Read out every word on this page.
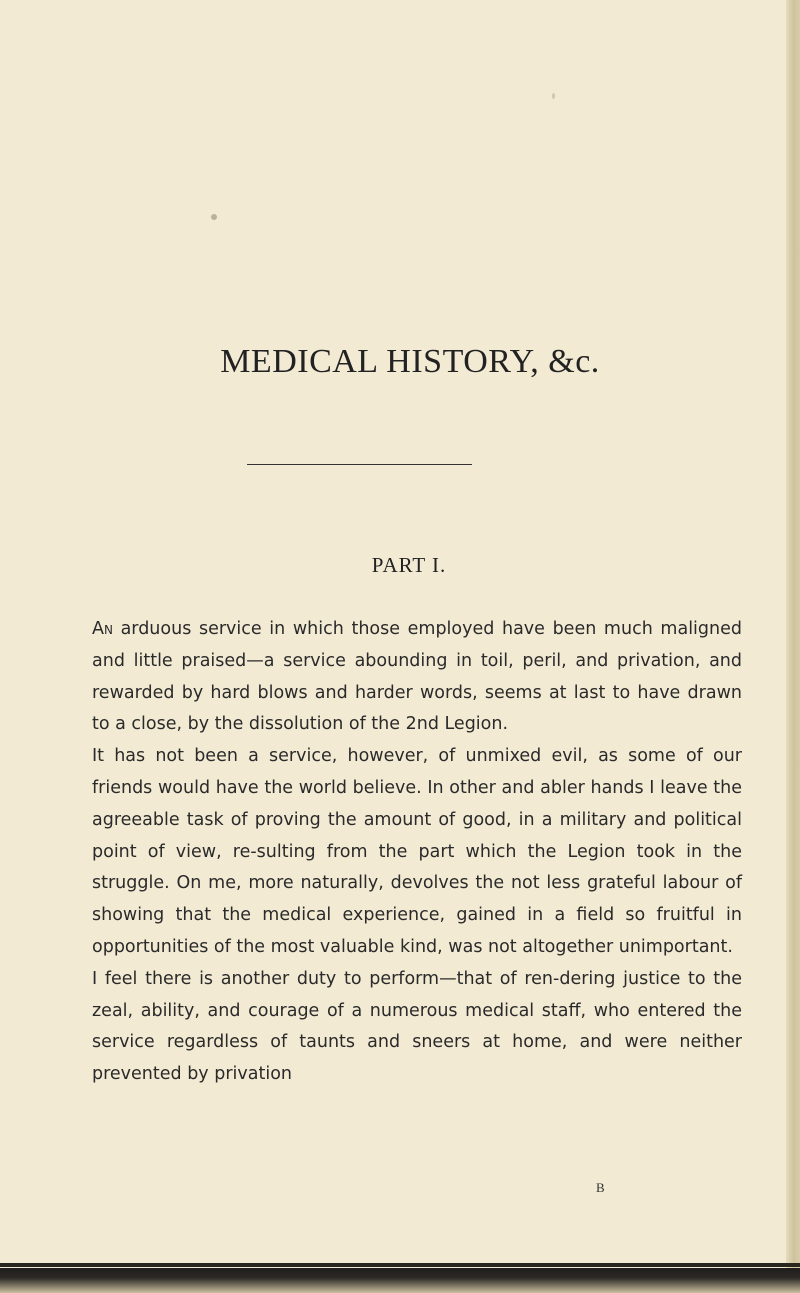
MEDICAL HISTORY, &c.
PART I.

An arduous service in which those employed have been much maligned and little praised—a service abounding in toil, peril, and privation, and rewarded by hard blows and harder words, seems at last to have drawn to a close, by the dissolution of the 2nd Legion.

It has not been a service, however, of unmixed evil, as some of our friends would have the world believe. In other and abler hands I leave the agreeable task of proving the amount of good, in a military and political point of view, re-sulting from the part which the Legion took in the struggle. On me, more naturally, devolves the not less grateful labour of showing that the medical experience, gained in a field so fruitful in opportunities of the most valuable kind, was not altogether unimportant.

I feel there is another duty to perform—that of ren-dering justice to the zeal, ability, and courage of a numerous medical staff, who entered the service regardless of taunts and sneers at home, and were neither prevented by privation

B
